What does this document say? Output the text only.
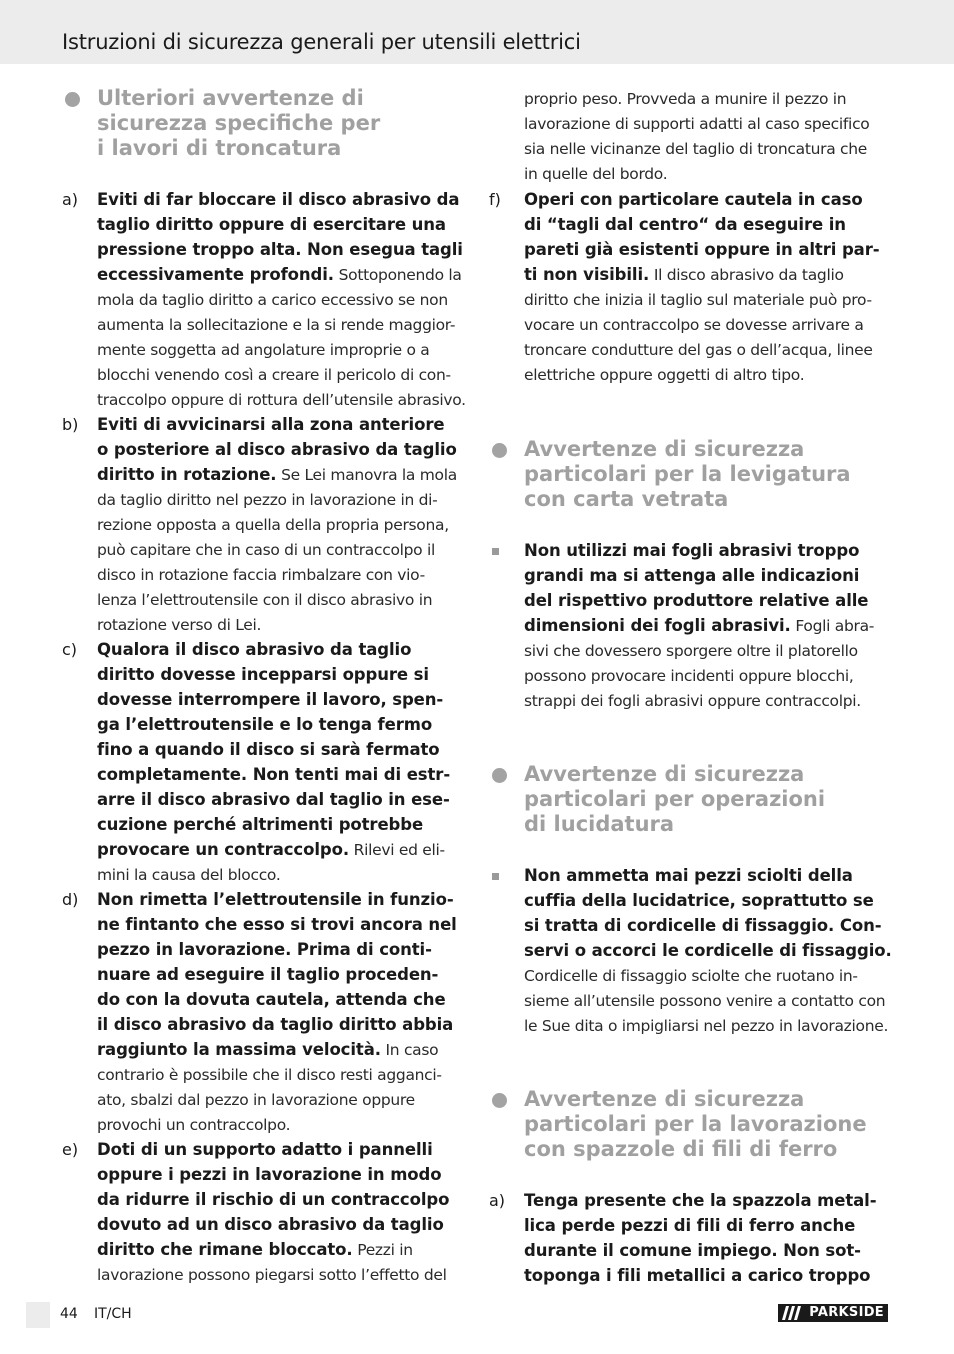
Istruzioni di sicurezza generali per utensili elettrici
Ulteriori avvertenze di
sicurezza specifiche per
i lavori di troncatura
a)	Eviti di far bloccare il disco abrasivo da
taglio diritto oppure di esercitare una
pressione troppo alta. Non esegua tagli
eccessivamente profondi. Sottoponendo la
mola da taglio diritto a carico eccessivo se non
aumenta la sollecitazione e la si rende maggior-
mente soggetta ad angolature improprie o a
blocchi venendo così a creare il pericolo di con-
traccolpo oppure di rottura dell’utensile abrasivo.
b)	Eviti di avvicinarsi alla zona anteriore
o posteriore al disco abrasivo da taglio
diritto in rotazione. Se Lei manovra la mola
da taglio diritto nel pezzo in lavorazione in di-
rezione opposta a quella della propria persona,
può capitare che in caso di un contraccolpo il
disco in rotazione faccia rimbalzare con vio-
lenza l’elettroutensile con il disco abrasivo in
rotazione verso di Lei.
c)	Qualora il disco abrasivo da taglio
diritto dovesse incepparsi oppure si
dovesse interrompere il lavoro, spen-
ga l’elettroutensile e lo tenga fermo
fino a quando il disco si sarà fermato
completamente. Non tenti mai di estr-
arre il disco abrasivo dal taglio in ese-
cuzione perché altrimenti potrebbe
provocare un contraccolpo. Rilevi ed eli-
mini la causa del blocco.
d)	Non rimetta l’elettroutensile in funzio-
ne fintanto che esso si trovi ancora nel
pezzo in lavorazione. Prima di conti-
nuare ad eseguire il taglio proceden-
do con la dovuta cautela, attenda che
il disco abrasivo da taglio diritto abbia
raggiunto la massima velocità. In caso
contrario è possibile che il disco resti agganci-
ato, sbalzi dal pezzo in lavorazione oppure
provochi un contraccolpo.
e)	Doti di un supporto adatto i pannelli
oppure i pezzi in lavorazione in modo
da ridurre il rischio di un contraccolpo
dovuto ad un disco abrasivo da taglio
diritto che rimane bloccato. Pezzi in
lavorazione possono piegarsi sotto l’effetto del
proprio peso. Provveda a munire il pezzo in
lavorazione di supporti adatti al caso specifico
sia nelle vicinanze del taglio di troncatura che
in quelle del bordo.
f)	Operi con particolare cautela in caso
di “tagli dal centro“ da eseguire in
pareti già esistenti oppure in altri par-
ti non visibili. Il disco abrasivo da taglio
diritto che inizia il taglio sul materiale può pro-
vocare un contraccolpo se dovesse arrivare a
troncare condutture del gas o dell’acqua, linee
elettriche oppure oggetti di altro tipo.
Avvertenze di sicurezza
particolari per la levigatura
con carta vetrata
Non utilizzi mai fogli abrasivi troppo
grandi ma si attenga alle indicazioni
del rispettivo produttore relative alle
dimensioni dei fogli abrasivi. Fogli abra-
sivi che dovessero sporgere oltre il platorello
possono provocare incidenti oppure blocchi,
strappi dei fogli abrasivi oppure contraccolpi.
Avvertenze di sicurezza
particolari per operazioni
di lucidatura
Non ammetta mai pezzi sciolti della
cuffia della lucidatrice, soprattutto se
si tratta di cordicelle di fissaggio. Con-
servi o accorci le cordicelle di fissaggio.
Cordicelle di fissaggio sciolte che ruotano in-
sieme all’utensile possono venire a contatto con
le Sue dita o impigliarsi nel pezzo in lavorazione.
Avvertenze di sicurezza
particolari per la lavorazione
con spazzole di fili di ferro
a)	Tenga presente che la spazzola metal-
lica perde pezzi di fili di ferro anche
durante il comune impiego. Non sot-
toponga i fili metallici a carico troppo
44 IT/CH	PARKSIDE
